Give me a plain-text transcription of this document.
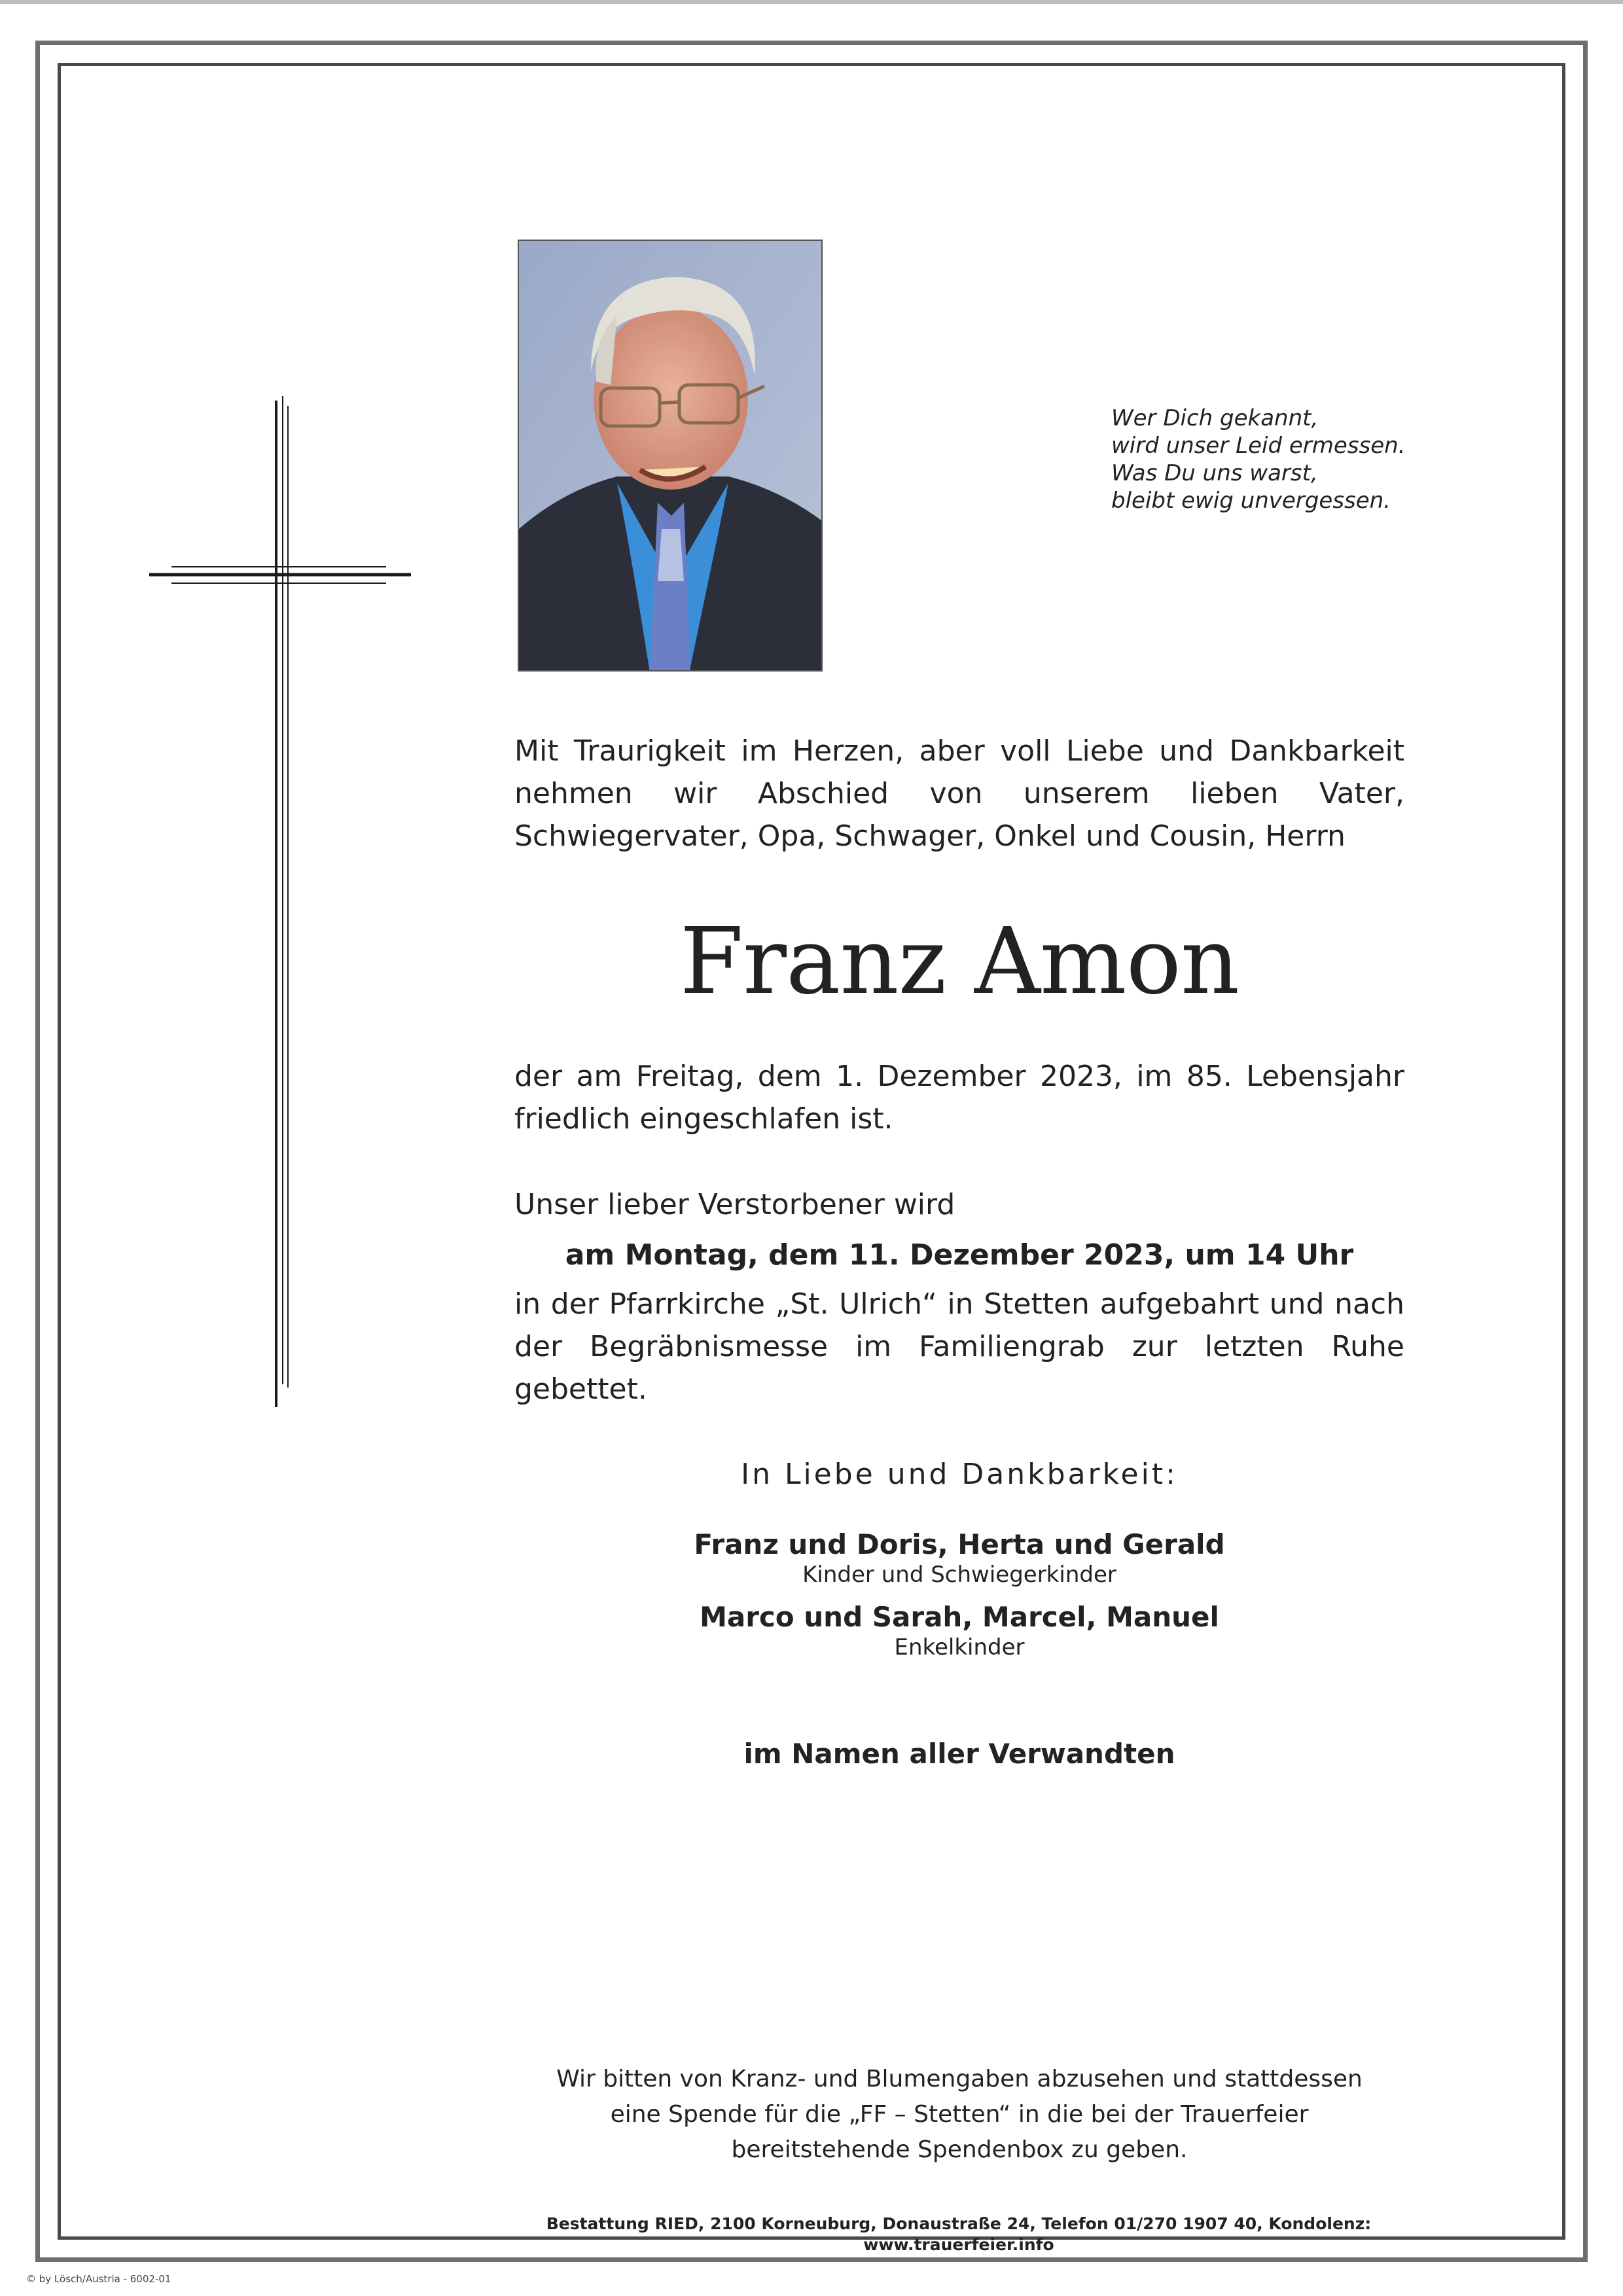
Wer Dich gekannt,
wird unser Leid ermessen.
Was Du uns warst,
bleibt ewig unvergessen.
Mit Traurigkeit im Herzen, aber voll Liebe und Dankbarkeit nehmen wir Abschied von unserem lieben Vater, Schwiegervater, Opa, Schwager, Onkel und Cousin, Herrn
Franz Amon
der am Freitag, dem 1. Dezember 2023, im 85. Lebensjahr friedlich eingeschlafen ist.
Unser lieber Verstorbener wird
am Montag, dem 11. Dezember 2023, um 14 Uhr
in der Pfarrkirche „St. Ulrich“ in Stetten aufgebahrt und nach der Begräbnismesse im Familiengrab zur letzten Ruhe gebettet.
In Liebe und Dankbarkeit:
Franz und Doris, Herta und Gerald
Kinder und Schwiegerkinder
Marco und Sarah, Marcel, Manuel
Enkelkinder
im Namen aller Verwandten
Wir bitten von Kranz- und Blumengaben abzusehen und stattdessen
eine Spende für die „FF – Stetten“ in die bei der Trauerfeier
bereitstehende Spendenbox zu geben.
Bestattung RIED, 2100 Korneuburg, Donaustraße 24, Telefon 01/270 1907 40, Kondolenz: www.trauerfeier.info
© by Lösch/Austria - 6002-01
